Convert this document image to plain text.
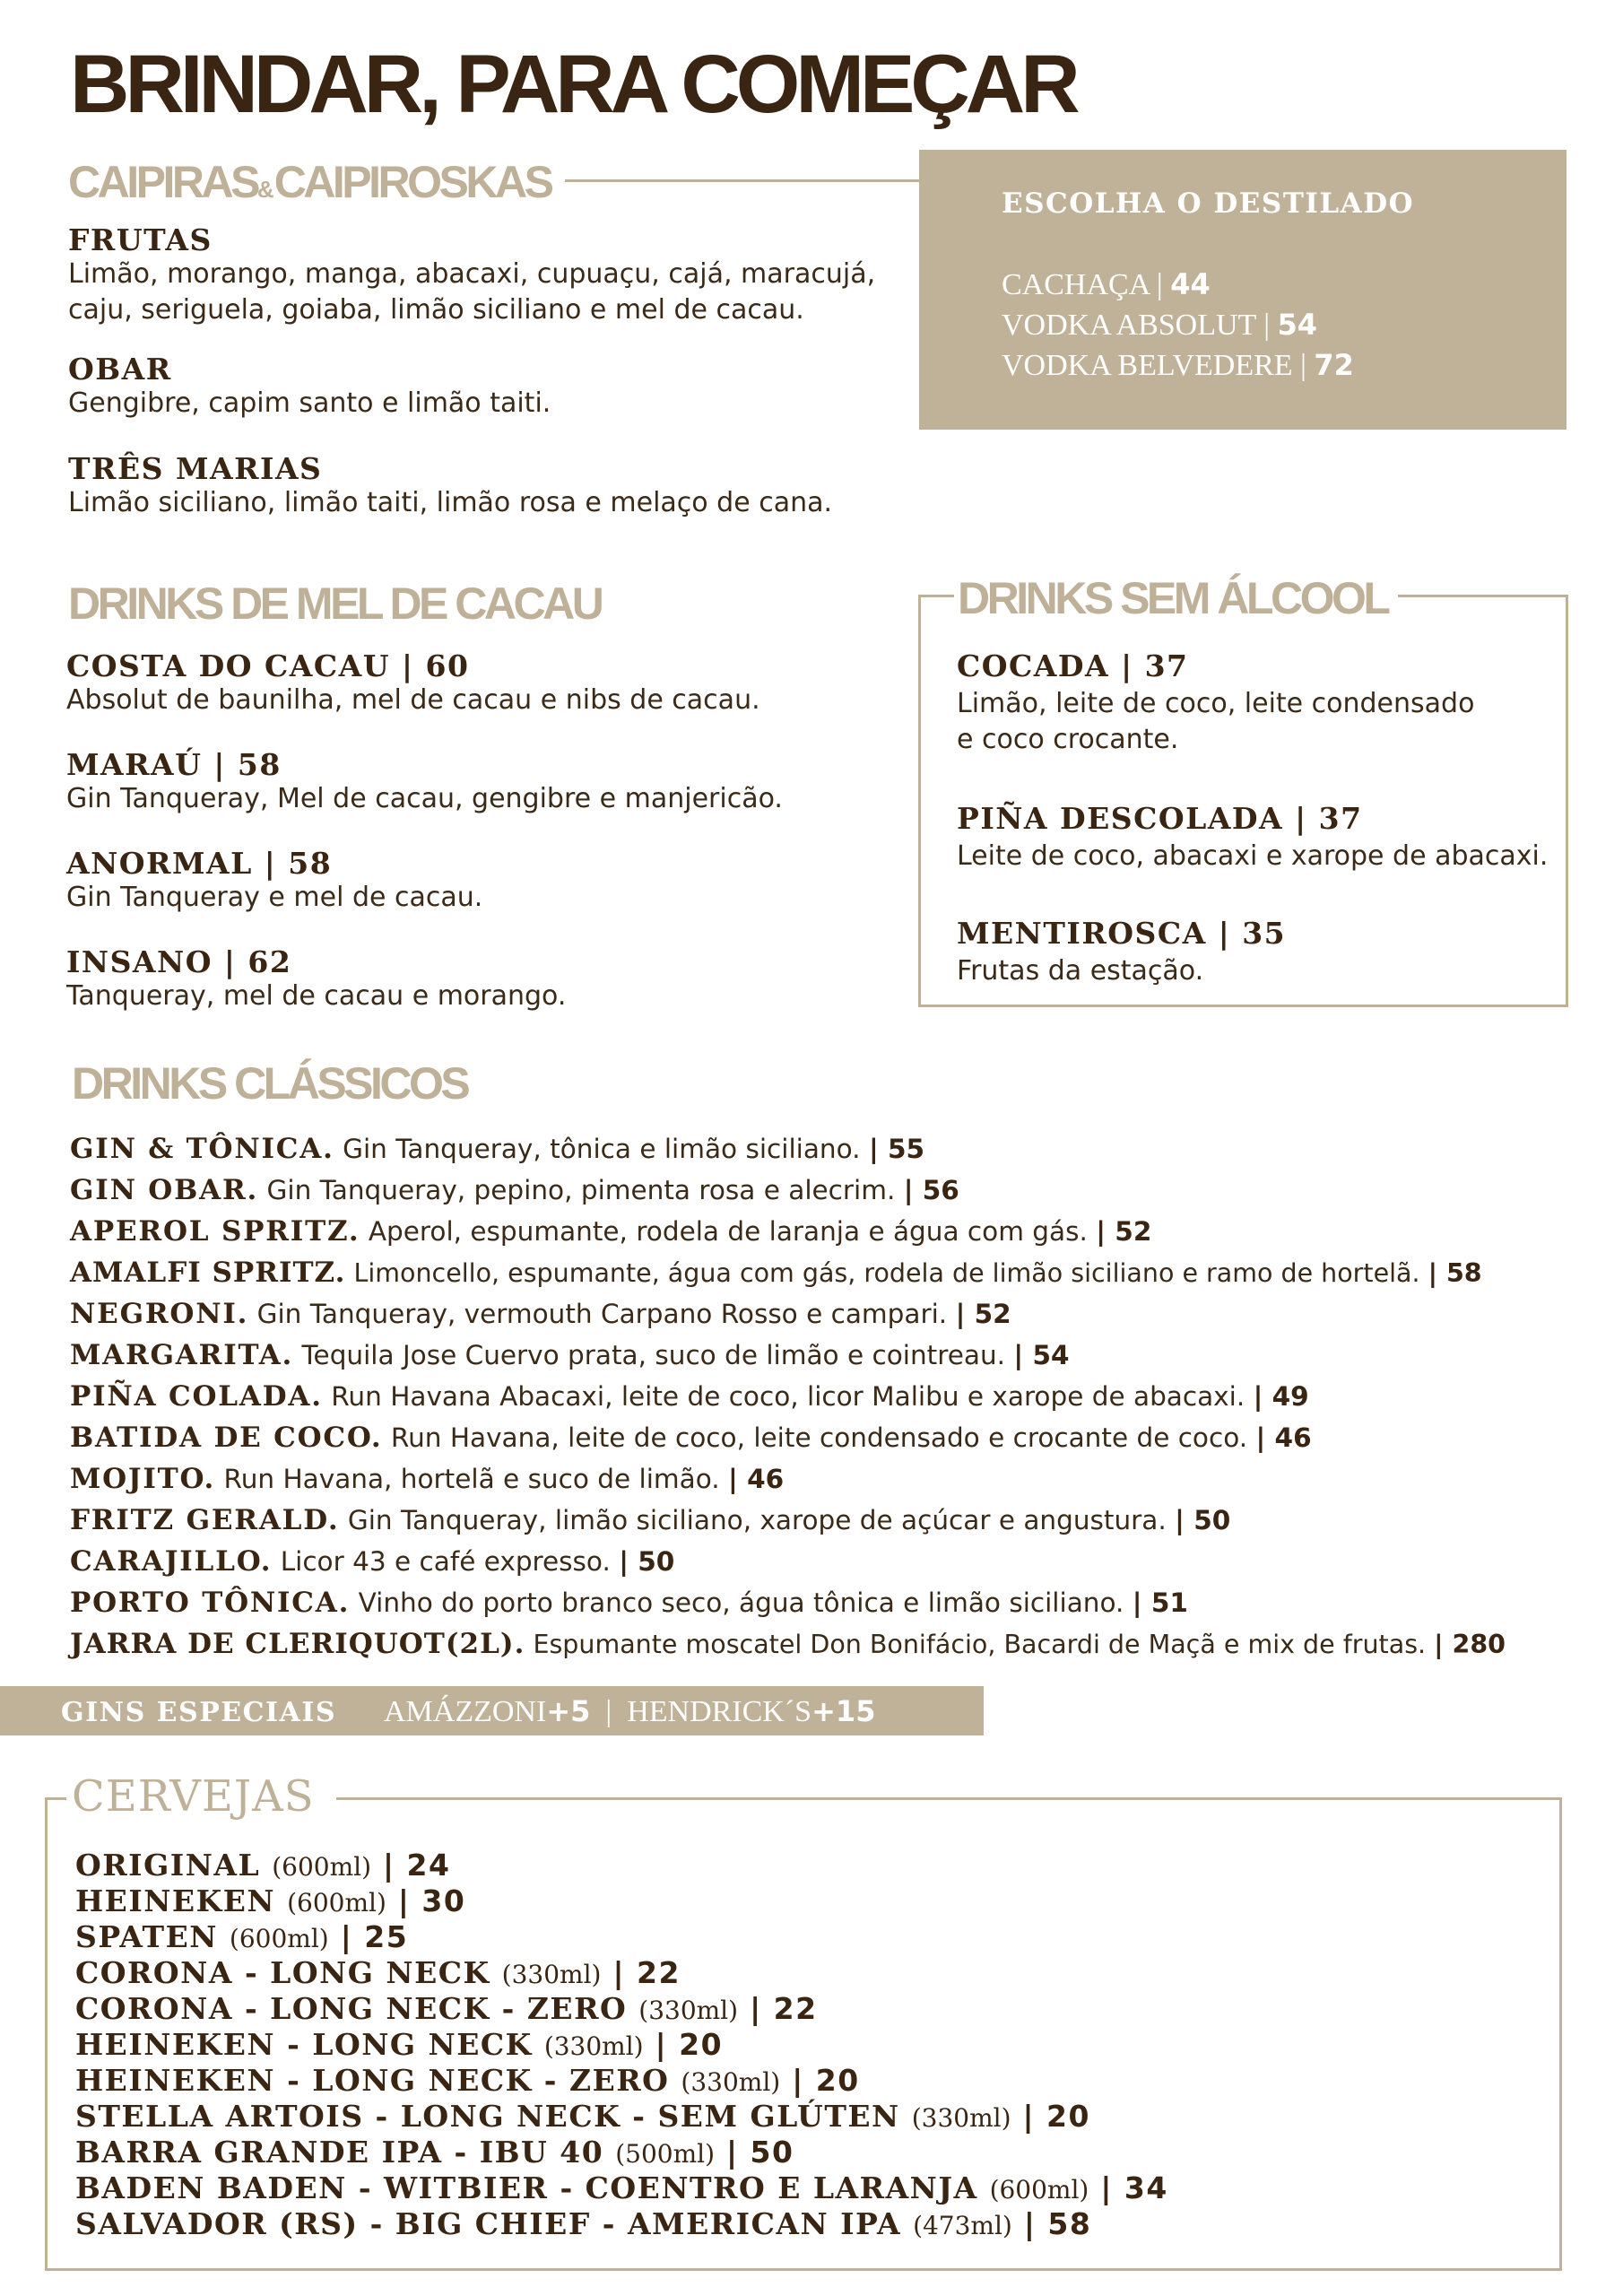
BRINDAR, PARA COMEÇAR
CAIPIRAS&CAIPIROSKAS
FRUTAS
Limão, morango, manga, abacaxi, cupuaçu, cajá, maracujá, caju, seriguela, goiaba, limão siciliano e mel de cacau.
OBAR
Gengibre, capim santo e limão taiti.
TRÊS MARIAS
Limão siciliano, limão taiti, limão rosa e melaço de cana.
ESCOLHA O DESTILADO
CACHAÇA | 44
VODKA ABSOLUT | 54
VODKA BELVEDERE | 72
DRINKS DE MEL DE CACAU
COSTA DO CACAU | 60
Absolut de baunilha, mel de cacau e nibs de cacau.
MARAÚ | 58
Gin Tanqueray, Mel de cacau, gengibre e manjericão.
ANORMAL | 58
Gin Tanqueray e mel de cacau.
INSANO | 62
Tanqueray, mel de cacau e morango.
DRINKS SEM ÁLCOOL
COCADA | 37
Limão, leite de coco, leite condensado
e coco crocante.
PIÑA DESCOLADA | 37
Leite de coco, abacaxi e xarope de abacaxi.
MENTIROSCA | 35
Frutas da estação.
DRINKS CLÁSSICOS
GIN & TÔNICA. Gin Tanqueray, tônica e limão siciliano. | 55
GIN OBAR. Gin Tanqueray, pepino, pimenta rosa e alecrim. | 56
APEROL SPRITZ. Aperol, espumante, rodela de laranja e água com gás. | 52
AMALFI SPRITZ. Limoncello, espumante, água com gás, rodela de limão siciliano e ramo de hortelã. | 58
NEGRONI. Gin Tanqueray, vermouth Carpano Rosso e campari. | 52
MARGARITA. Tequila Jose Cuervo prata, suco de limão e cointreau. | 54
PIÑA COLADA. Run Havana Abacaxi, leite de coco, licor Malibu e xarope de abacaxi. | 49
BATIDA DE COCO. Run Havana, leite de coco, leite condensado e crocante de coco. | 46
MOJITO. Run Havana, hortelã e suco de limão. | 46
FRITZ GERALD. Gin Tanqueray, limão siciliano, xarope de açúcar e angustura. | 50
CARAJILLO. Licor 43 e café expresso. | 50
PORTO TÔNICA. Vinho do porto branco seco, água tônica e limão siciliano. | 51
JARRA DE CLERIQUOT(2L). Espumante moscatel Don Bonifácio, Bacardi de Maçã e mix de frutas. | 280
GINS ESPECIAIS AMÁZZONI+5 | HENDRICK´S+15
CERVEJAS
ORIGINAL (600ml) | 24
HEINEKEN (600ml) | 30
SPATEN (600ml) | 25
CORONA - LONG NECK (330ml) | 22
CORONA - LONG NECK - ZERO (330ml) | 22
HEINEKEN - LONG NECK (330ml) | 20
HEINEKEN - LONG NECK - ZERO (330ml) | 20
STELLA ARTOIS - LONG NECK - SEM GLÚTEN (330ml) | 20
BARRA GRANDE IPA - IBU 40 (500ml) | 50
BADEN BADEN - WITBIER - COENTRO E LARANJA (600ml) | 34
SALVADOR (RS) - BIG CHIEF - AMERICAN IPA (473ml) | 58
